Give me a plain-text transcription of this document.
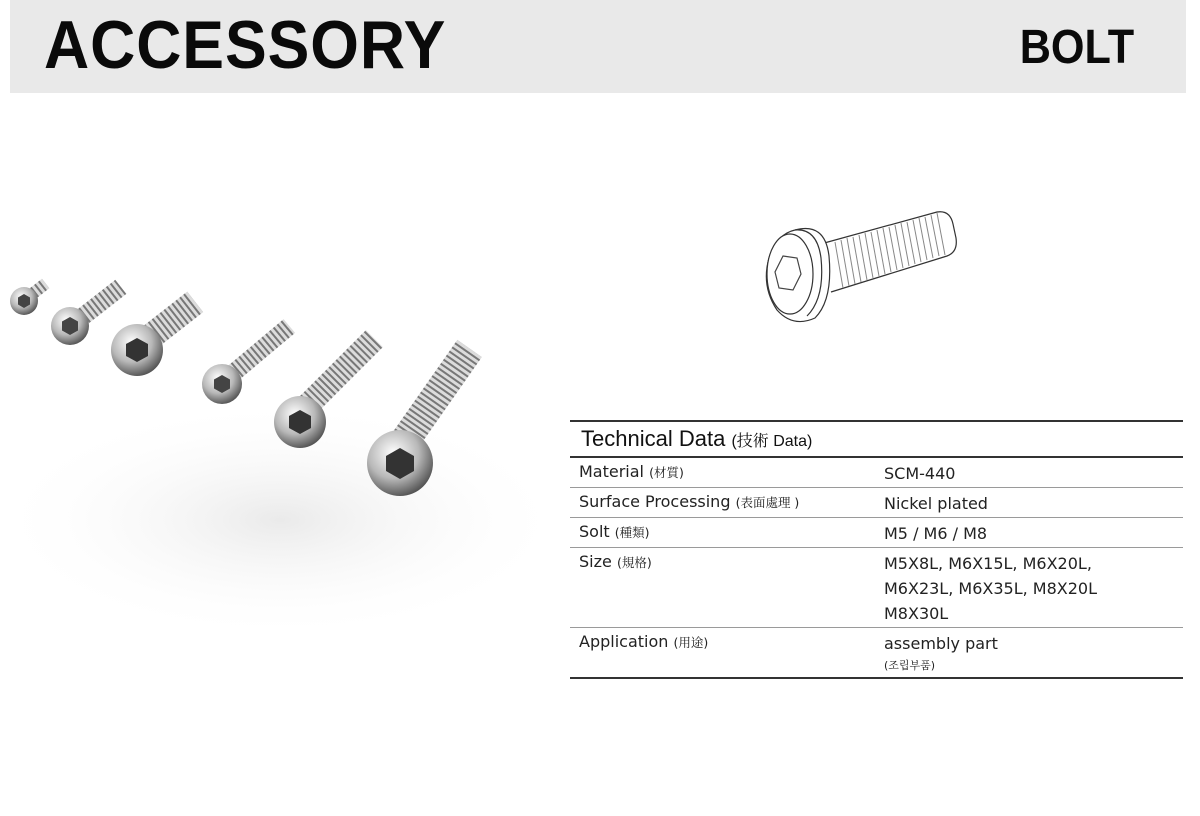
ACCESSORY	BOLT
Technical Data (技術 Data)
Material (材質)	SCM-440
Surface Processing (表面處理 )	Nickel plated
Solt (種類)	M5 / M6 / M8
Size (規格)	M5X8L, M6X15L, M6X20L,
M6X23L, M6X35L, M8X20L
M8X30L
Application (用途)	assembly part
(조립부품)
